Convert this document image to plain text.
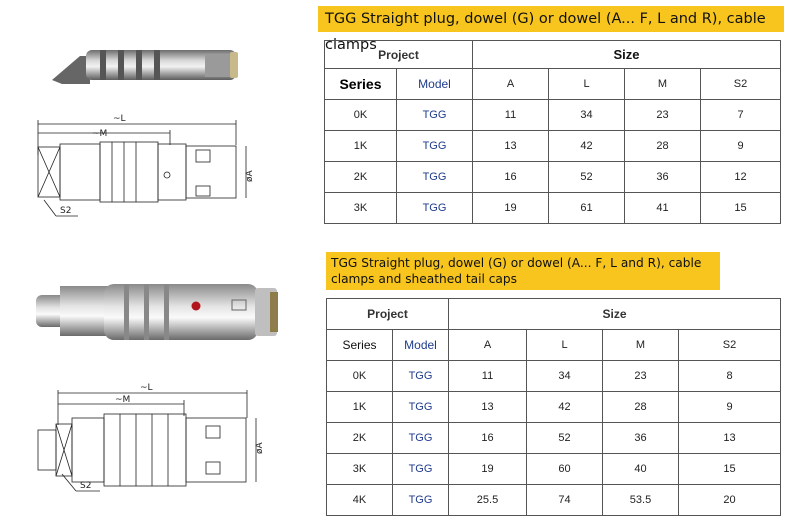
TGG Straight plug, dowel (G) or dowel (A... F, L and R), cable clamps
TGG Straight plug, dowel (G) or dowel (A... F, L and R), cable clamps and sheathed tail caps
~L
~M
øA
S2
~L
~M
øA
S2
Project		Size			
Series	Model	A	L	M	S2
0K	TGG	11	34	23	7
1K	TGG	13	42	28	9
2K	TGG	16	52	36	12
3K	TGG	19	61	41	15
Project		Size			
Series	Model	A	L	M	S2
0K	TGG	11	34	23	8
1K	TGG	13	42	28	9
2K	TGG	16	52	36	13
3K	TGG	19	60	40	15
4K	TGG	25.5	74	53.5	20
